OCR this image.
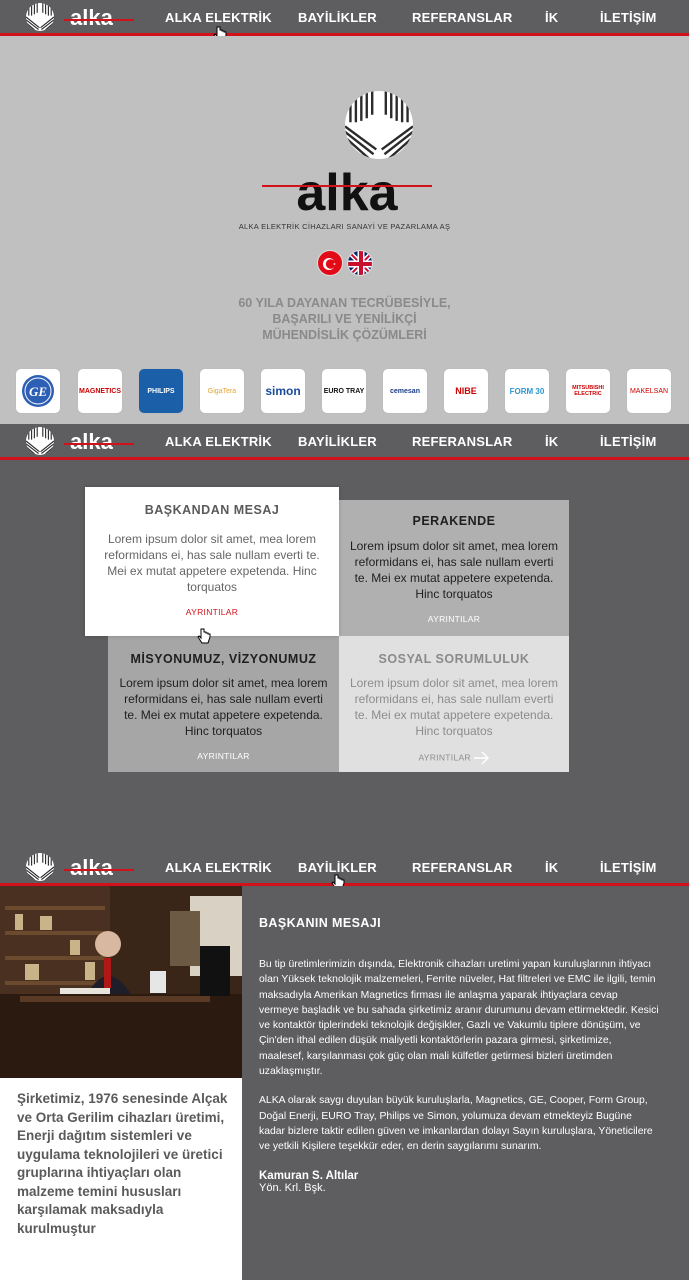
alka	ALKA ELEKTRİK BAYİLİKLER	REFERANSLAR	İK	İLETİŞİM
alka
ALKA ELEKTRİK CİHAZLARI SANAYİ VE PAZARLAMA AŞ
60 YILA DAYANAN TECRÜBESİYLE,
BAŞARILI VE YENİLİKÇİ
MÜHENDİSLİK ÇÖZÜMLERİ
GE	MAGNETICS	PHILIPS	GigaTera	simon	EURO TRAY	cemesan	NIBE	FORM 30	MITSUBISHI ELECTRIC	MAKELSAN
alka	ALKA ELEKTRİK BAYİLİKLER	REFERANSLAR	İK	İLETİŞİM
PERAKENDE

Lorem ipsum dolor sit amet, mea lorem reformidans ei, has sale nullam everti te. Mei ex mutat appetere expetenda. Hinc torquatos

AYRINTILAR
MİSYONUMUZ, VİZYONUMUZ

Lorem ipsum dolor sit amet, mea lorem reformidans ei, has sale nullam everti te. Mei ex mutat appetere expetenda. Hinc torquatos

AYRINTILAR
SOSYAL SORUMLULUK

Lorem ipsum dolor sit amet, mea lorem reformidans ei, has sale nullam everti te. Mei ex mutat appetere expetenda. Hinc torquatos

AYRINTILAR
BAŞKANDAN MESAJ

Lorem ipsum dolor sit amet, mea lorem reformidans ei, has sale nullam everti te. Mei ex mutat appetere expetenda. Hinc torquatos

AYRINTILAR
alka	ALKA ELEKTRİK BAYİLİKLER	REFERANSLAR	İK	İLETİŞİM
Şirketimiz, 1976 senesinde Alçak ve Orta Gerilim cihazları üretimi, Enerji dağıtım sistemleri ve uygulama teknolojileri ve üretici gruplarına ihtiyaçları olan malzeme temini hususları karşılamak maksadıyla kurulmuştur
BAŞKANIN MESAJI

Bu tip üretimlerimizin dışında, Elektronik cihazları uretimi yapan kuruluşlarının ihtiyacı olan Yüksek teknolojik malzemeleri, Ferrite nüveler, Hat filtreleri ve EMC ile ilgili, temin maksadıyla Amerikan Magnetics firması ile anlaşma yaparak ihtiyaçlara cevap vermeye başladık ve bu sahada şirketimiz aranır durumunu devam ettirmektedir. Kesici ve kontaktör tiplerindeki teknolojik değişikler, Gazlı ve Vakumlu tiplere dönüşüm, ve Çin'den ithal edilen düşük maliyetli kontaktörlerin pazara girmesi, şirketimize, maalesef, karşılanması çok güç olan mali külfetler getirmesi bizleri üretimden uzaklaşmıştır.

ALKA olarak saygı duyulan büyük kuruluşlarla, Magnetics, GE, Cooper, Form Group, Doğal Enerji, EURO Tray, Philips ve Simon, yolumuza devam etmekteyiz Bugüne kadar bizlere taktir edilen güven ve imkanlardan dolayı Sayın kuruluşlara, Yöneticilere ve yetkili Kişilere teşekkür eder, en derin saygılarımı sunarım.

Kamuran S. Altılar
Yön. Krl. Bşk.
